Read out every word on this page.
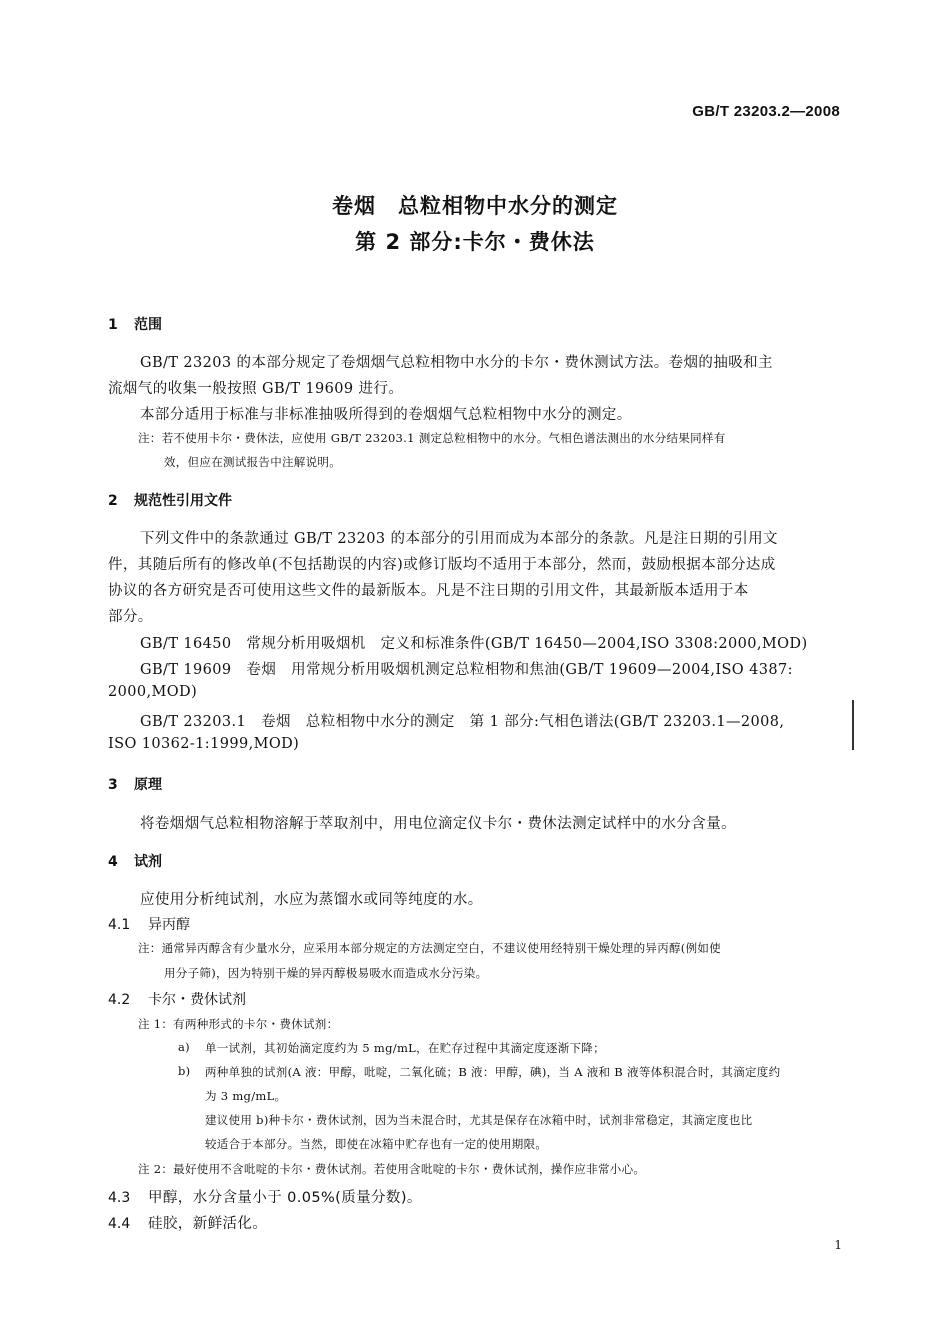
GB/T 23203.2—2008
卷烟　总粒相物中水分的测定
第 2 部分:卡尔・费休法
1 范围
GB/T 23203 的本部分规定了卷烟烟气总粒相物中水分的卡尔・费休测试方法。卷烟的抽吸和主
流烟气的收集一般按照 GB/T 19609 进行。
本部分适用于标准与非标准抽吸所得到的卷烟烟气总粒相物中水分的测定。
注：若不使用卡尔・费休法，应使用 GB/T 23203.1 测定总粒相物中的水分。气相色谱法测出的水分结果同样有
效，但应在测试报告中注解说明。
2 规范性引用文件
下列文件中的条款通过 GB/T 23203 的本部分的引用而成为本部分的条款。凡是注日期的引用文
件，其随后所有的修改单(不包括勘误的内容)或修订版均不适用于本部分，然而，鼓励根据本部分达成
协议的各方研究是否可使用这些文件的最新版本。凡是不注日期的引用文件，其最新版本适用于本
部分。
GB/T 16450　常规分析用吸烟机　定义和标准条件(GB/T 16450—2004,ISO 3308:2000,MOD)
GB/T 19609　卷烟　用常规分析用吸烟机测定总粒相物和焦油(GB/T 19609—2004,ISO 4387:
2000,MOD)
GB/T 23203.1　卷烟　总粒相物中水分的测定　第 1 部分:气相色谱法(GB/T 23203.1—2008,
ISO 10362-1:1999,MOD)
3 原理
将卷烟烟气总粒相物溶解于萃取剂中，用电位滴定仪卡尔・费休法测定试样中的水分含量。
4 试剂
应使用分析纯试剂，水应为蒸馏水或同等纯度的水。
4.1 异丙醇
注：通常异丙醇含有少量水分，应采用本部分规定的方法测定空白，不建议使用经特别干燥处理的异丙醇(例如使
用分子筛)，因为特别干燥的异丙醇极易吸水而造成水分污染。
4.2 卡尔・费休试剂
注 1：有两种形式的卡尔・费休试剂：
a) 单一试剂，其初始滴定度约为 5 mg/mL，在贮存过程中其滴定度逐渐下降；
b) 两种单独的试剂(A 液：甲醇，吡啶，二氧化硫；B 液：甲醇，碘)，当 A 液和 B 液等体积混合时，其滴定度约
为 3 mg/mL。
建议使用 b)种卡尔・费休试剂，因为当未混合时，尤其是保存在冰箱中时，试剂非常稳定，其滴定度也比
较适合于本部分。当然，即使在冰箱中贮存也有一定的使用期限。
注 2：最好使用不含吡啶的卡尔・费休试剂。若使用含吡啶的卡尔・费休试剂，操作应非常小心。
4.3 甲醇，水分含量小于 0.05%(质量分数)。
4.4 硅胶，新鲜活化。
1
